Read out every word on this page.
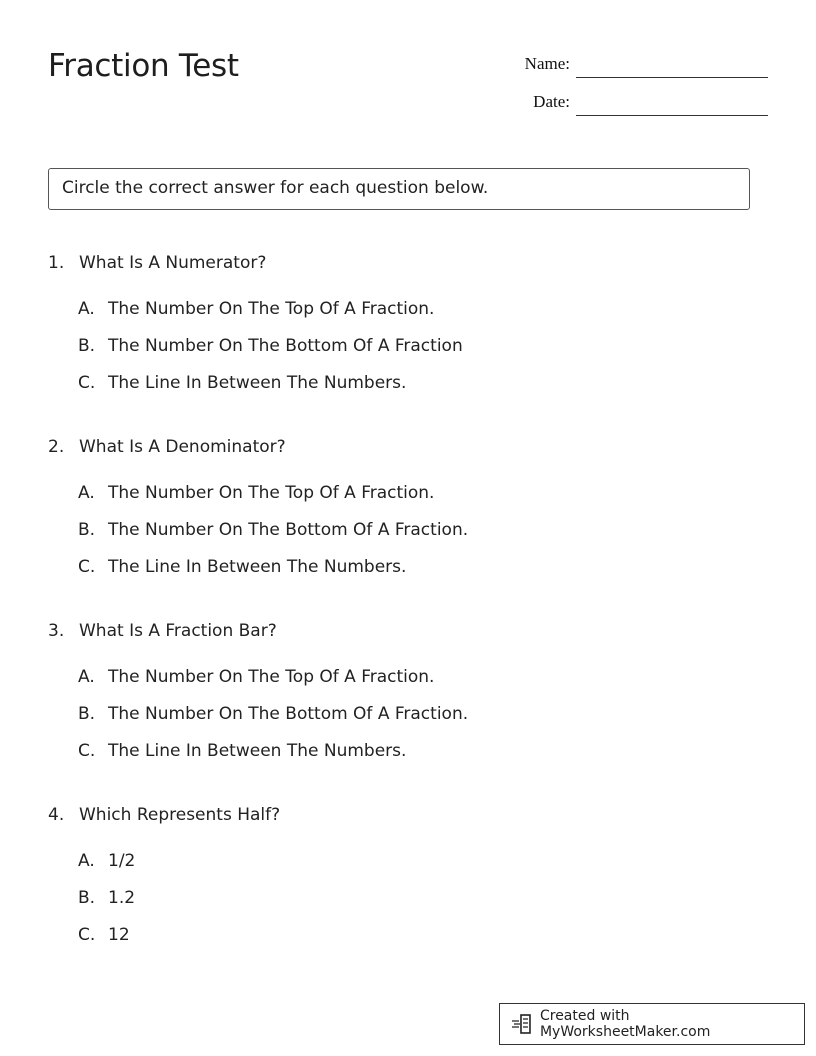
Fraction Test	Name:
Date:
Circle the correct answer for each question below.
1. What Is A Numerator?
A. The Number On The Top Of A Fraction.
B. The Number On The Bottom Of A Fraction
C. The Line In Between The Numbers.
2. What Is A Denominator?
A. The Number On The Top Of A Fraction.
B. The Number On The Bottom Of A Fraction.
C. The Line In Between The Numbers.
3. What Is A Fraction Bar?
A. The Number On The Top Of A Fraction.
B. The Number On The Bottom Of A Fraction.
C. The Line In Between The Numbers.
4. Which Represents Half?
A. 1/2
B. 1.2
C. 12
Created with MyWorksheetMaker.com
